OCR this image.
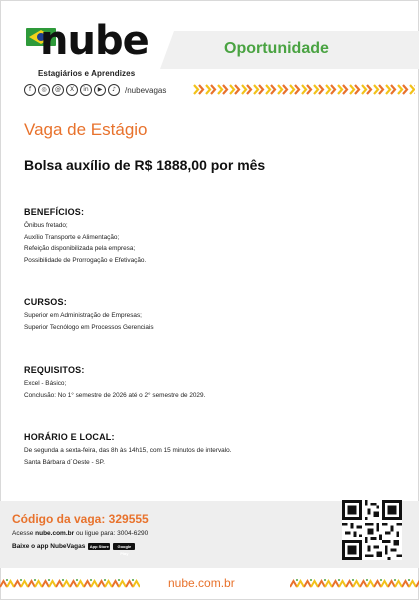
nube
Estagiários e Aprendizes
f	◎	@	X	in	▶	♪	/nubevagas
Oportunidade
Vaga de Estágio
Bolsa auxílio de R$ 1888,00 por mês
BENEFÍCIOS:

Ônibus fretado;

Auxílio Transporte e Alimentação;

Refeição disponibilizada pela empresa;

Possibilidade de Prorrogação e Efetivação.

CURSOS:

Superior em Administração de Empresas;

Superior Tecnólogo em Processos Gerenciais

REQUISITOS:

Excel - Básico;

Conclusão: No 1° semestre de 2026 até o 2° semestre de 2029.

HORÁRIO E LOCAL:

De segunda a sexta-feira, das 8h às 14h15, com 15 minutos de intervalo.

Santa Bárbara d´Oeste - SP.

Código da vaga: 329555
Acesse nube.com.br ou ligue para: 3004-6290
Baixe o app NubeVagas	App Store	Google Play
nube.com.br
